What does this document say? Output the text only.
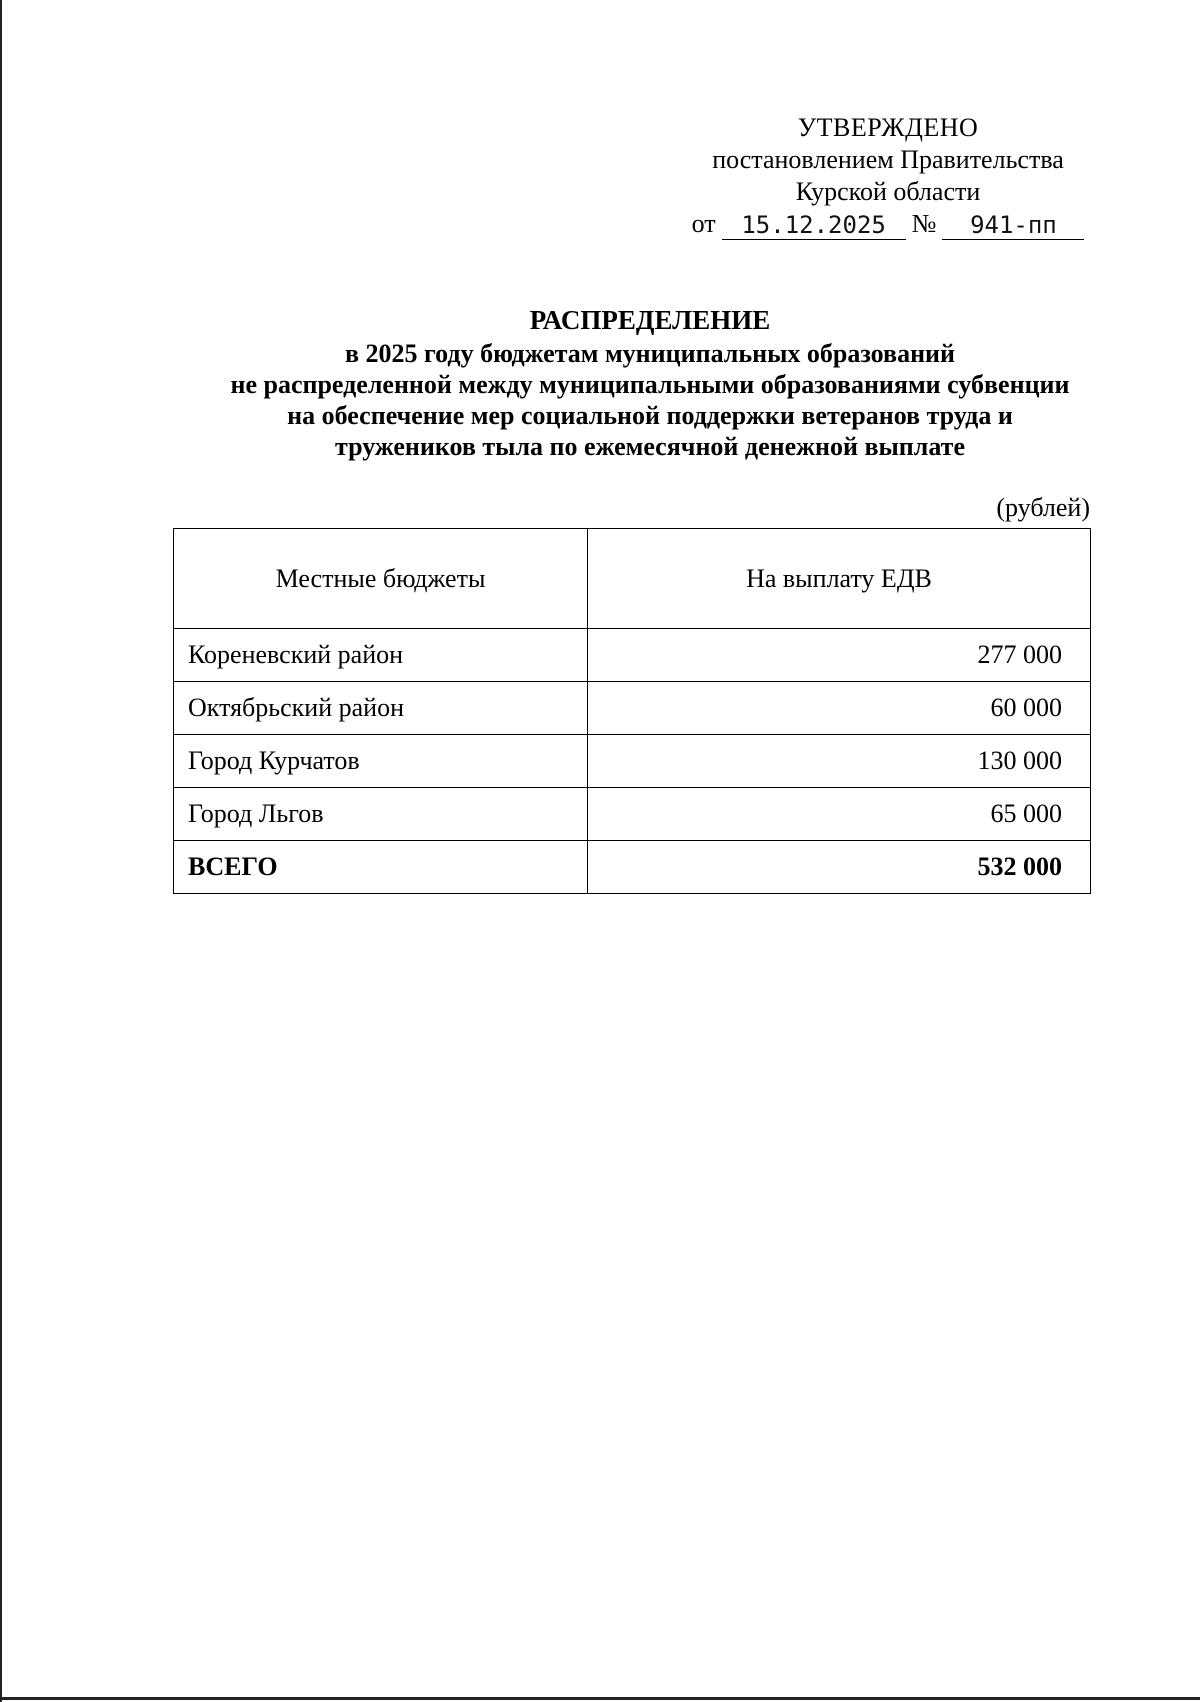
УТВЕРЖДЕНО
постановлением Правительства
Курской области
от	15.12.2025 №	941-пп
РАСПРЕДЕЛЕНИЕ
в 2025 году бюджетам муниципальных образований
не распределенной между муниципальными образованиями субвенции
на обеспечение мер социальной поддержки ветеранов труда и
тружеников тыла по ежемесячной денежной выплате
(рублей)
Местные бюджеты	На выплату ЕДВ
Кореневский район	277 000
Октябрьский район	60 000
Город Курчатов	130 000
Город Льгов	65 000
ВСЕГО	532 000
